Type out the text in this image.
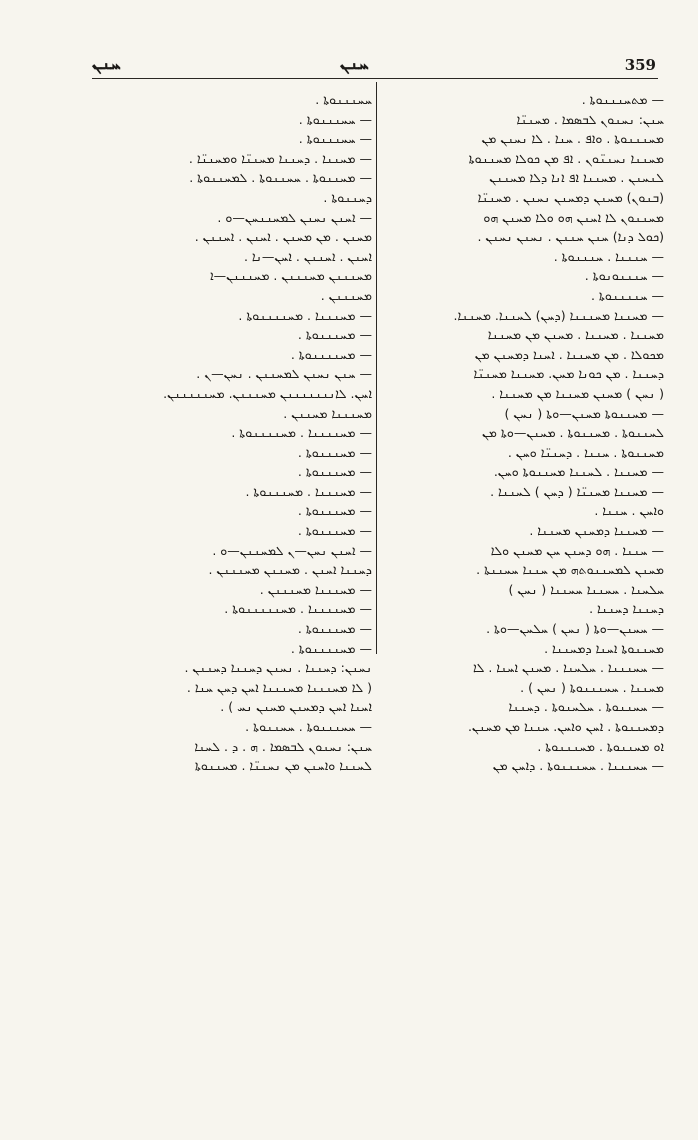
ܚܢܢ	ܚܢܢ	359
— ܡܬܚܢܢܢܘܬܐ .
ܚܢܢ: ܢܚܢܘܢ ܠܒܣܡܐ . ܡܚܢܢ̈ܐ
ܡܚܢܢܢܘܬܐ . ܘܐܦ . ܚܢܐ . ܠܐ ܢܚܢܢ ܡܢ
ܡܚܢܢܐ ܢܚܢܢ̈ܘܢ . ܐܦ ܡܢ ܟܘܠܐ ܡܚܢܢܘܬܐ
ܠܢܚܢܢ . ܡܚܢܢܐ ܐܦ ܐܢܐ ܕܠܐ ܡܚܢܢܢ
(ܒܢܘܢ) ܡܚܢܢ ܕܡܚܢܢ ܢܚܢܢ . ܡܚܢܢ̈ܐ
ܡܚܢܢܘܢ ܠܐ ܐܚܢܢ ܗܘ ܘܠܐ ܡܚܢܢ ܗܘ
(ܟܘܠ ܕܢܐ) ܚܢܢ ܚܢܢܢ . ܢܚܢܢ ܢܚܢܢ .
— ܚܢܢܢܐ . ܚܢܢܢܘܬܐ .
— ܚܢܢܢܘܢܘܬܐ .
— ܚܢܢܢܢܘܬܐ .
— ܡܚܢܢܐ ܡܚܢܢܢܐ (ܕܚܢ) ܠܚܢܢܐ. ܡܚܢܢܐ.
ܡܚܢܢܐ . ܡܚܢܢܐ . ܡܚܢܢ ܡܢ ܡܚܢܢܐ
ܡܟܘܠܐ . ܡܢ ܡܚܢܢܐ . ܐܚܢܐ ܕܡܚܢܢ ܡܢ
ܕܚܢܢܐ . ܡܢ ܟܘܢܐ ܡܚܢ. ܡܚܢܢܐ ܡܚܢܢ̈ܐ
( ܢܚܢ ) ܡܚܢܢ ܡܚܢܢܐ ܡܢ ܡܚܢܢܐ .
— ܡܚܢܢܘܬܐ ܡܚܢܢ—ܘܬܐ ( ܢܚܢ )
ܠܚܢܢܘܬܐ . ܡܚܢܢܘܬܐ . ܡܚܢܢ—ܘܬܐ ܡܢ
ܡܚܢܢܘܬܐ . ܚܢܢܐ . ܕܚܢܢ̈ܐ ܘܚܢ .
— ܡܚܢܢܐ . ܠܚܢܢܐ ܡܚܢܢܘܬܐ ܘܚܢ.
— ܡܚܢܢܐ ܡܚܢܢ̈ܐ ( ܕܚܢ ) ܠܚܢܢܐ .
ܘܐܚܢ . ܚܢܢܐ .
— ܡܚܢܢܐ ܕܡܚܢܢ ܡܚܢܢܐ .
— ܚܢܢܐ . ܗܘ ܕܚܢܢ ܚܢ ܡܚܢܢ ܘܠܐ
ܡܚܢܢ ܠܡܚܢܢܘܬܗ ܡܢ ܚܢܢܐ ܚܚܢܢܬܐ .
ܚܠܚܢܐ . ܚܚܢܢܐ ܚܚܢܢܐ ( ܢܚܢ )
ܕܚܢܢܐ ܕܚܢܢܐ .
— ܚܚܢܢ—ܘܬܐ ( ܢܚܢ ) ܚܠܚܢ—ܘܬܐ .
ܡܚܢܢܘܬܐ ܐܚܢܐ ܕܡܚܢܢܐ .
— ܚܚܢܢܢܐ . ܚܠܚܢܐ . ܡܚܢܢ ܐܚܢܐ . ܠܐ
ܡܚܢܢܐ . ܚܚܢܢܢܘܬܐ ( ܢܚܢ ) .
— ܚܚܢܢܘܬܐ . ܚܠܚܢܘܬܐ . ܕܚܢܢܐ
ܕܡܚܢܢܘܬܐ . ܐܚܢ ܘܐܚܢ. ܚܢܢܐ ܡܢ ܡܚܢܢ.
ܐܘ ܡܚܢܢܘܬܐ . ܡܚܢܢܢܘܬܐ .
— ܚܚܢܢܢܐ . ܚܚܢܢܢܘܬܐ . ܕܐܚܢ ܡܢ
ܚܚܢܢܢܘܬܐ .
— ܚܚܢܢܢܘܬܐ .
— ܚܚܢܢܢܘܬܐ .
— ܡܚܢܢܐ . ܕܚܢܢܐ ܡܚܢܢ̈ܐ ܘܡܚܢܢ̈ܐ .
— ܡܚܢܢܘܬܐ . ܚܚܢܢܘܬܐ . ܠܡܚܢܢܘܬܐ .
ܕܚܢܢܘܬܐ .
— ܐܚܢܢ ܢܚܢܢ ܠܡܚܢܢܚܢ—ܘ .
ܡܚܢܢ . ܡܢ ܡܚܢܢ . ܐܚܢܢ . ܐܚܢܢܢ .
ܐܚܢܢ . ܐܚܢܢܢ . ܐܚܢ—ܢܐ .
ܡܚܢܢܢܢ ܡܚܢܢܢܢ . ܡܚܢܢܢܢ—ܐ
ܡܚܢܢܢܢ .
— ܡܚܢܢܢܐ . ܡܚܢܢܢܢܘܬܐ .
— ܡܚܢܢܢܘܬܐ .
— ܡܚܢܢܢܢܘܬܐ .
— ܚܢܢ ܢܚܢܢ ܠܡܚܢܢܢ . ܢܚܢ—ܢ .
ܐܚܢ. ܠܐܢܢܢܢܢܢܢܢ ܡܚܢܢܢܢ. ܡܚܢܢܢܢܢܢ.
ܡܚܢܢܢܐ ܡܚܢܢܢ .
— ܡܚܢܢܢܢܐ . ܡܚܢܢܢܢܘܬܐ .
— ܡܚܢܢܢܘܬܐ .
— ܡܚܢܢܢܘܬܐ .
— ܡܚܢܢܢܐ . ܡܚܢܢܢܘܬܐ .
— ܡܚܢܢܢܘܬܐ .
— ܡܚܢܢܢܘܬܐ .
— ܐܚܢܢ ܢܚܢ—ܢ ܠܡܚܢܢܢ—ܘ .
ܕܚܢܢܐ ܐܚܢܢ . ܡܚܢܢܢ ܡܚܢܢܢܢ .
— ܡܚܢܢܢܐ ܡܚܢܢܢܢ .
— ܡܚܢܢܢܢܐ . ܡܚܢܢܢܢܢܘܬܐ .
— ܡܚܢܢܢܘܬܐ .
— ܡܚܢܢܢܢܘܬܐ .
ܢܚܢܢ: ܕܚܢܢܐ . ܢܚܢܢ ܕܚܢܢܐ ܕܚܢܢܢ .
( ܠܐ ܡܚܢܢܢܐ ܡܚܢܢܢܐ ܐܚܢ ܕܚܢ ܚܢܐ .
ܐܚܢܐ ܐܚܢ ܕܡܚܢܢ ܡܚܢܢ ܢܚ ) .
— ܚܚܢܢܢܘܬܐ . ܚܚܢܢܘܬܐ .
ܚܢܢ: ܢܚܢܘܢ ܠܒܣܡܐ . ܗ . ܕ . ܠܚܢܐ
ܠܚܢܢܐ ܘܐܚܢܢ ܡܢ ܢܚܢܢ̈ܐ . ܡܚܢܢܘܬܐ
